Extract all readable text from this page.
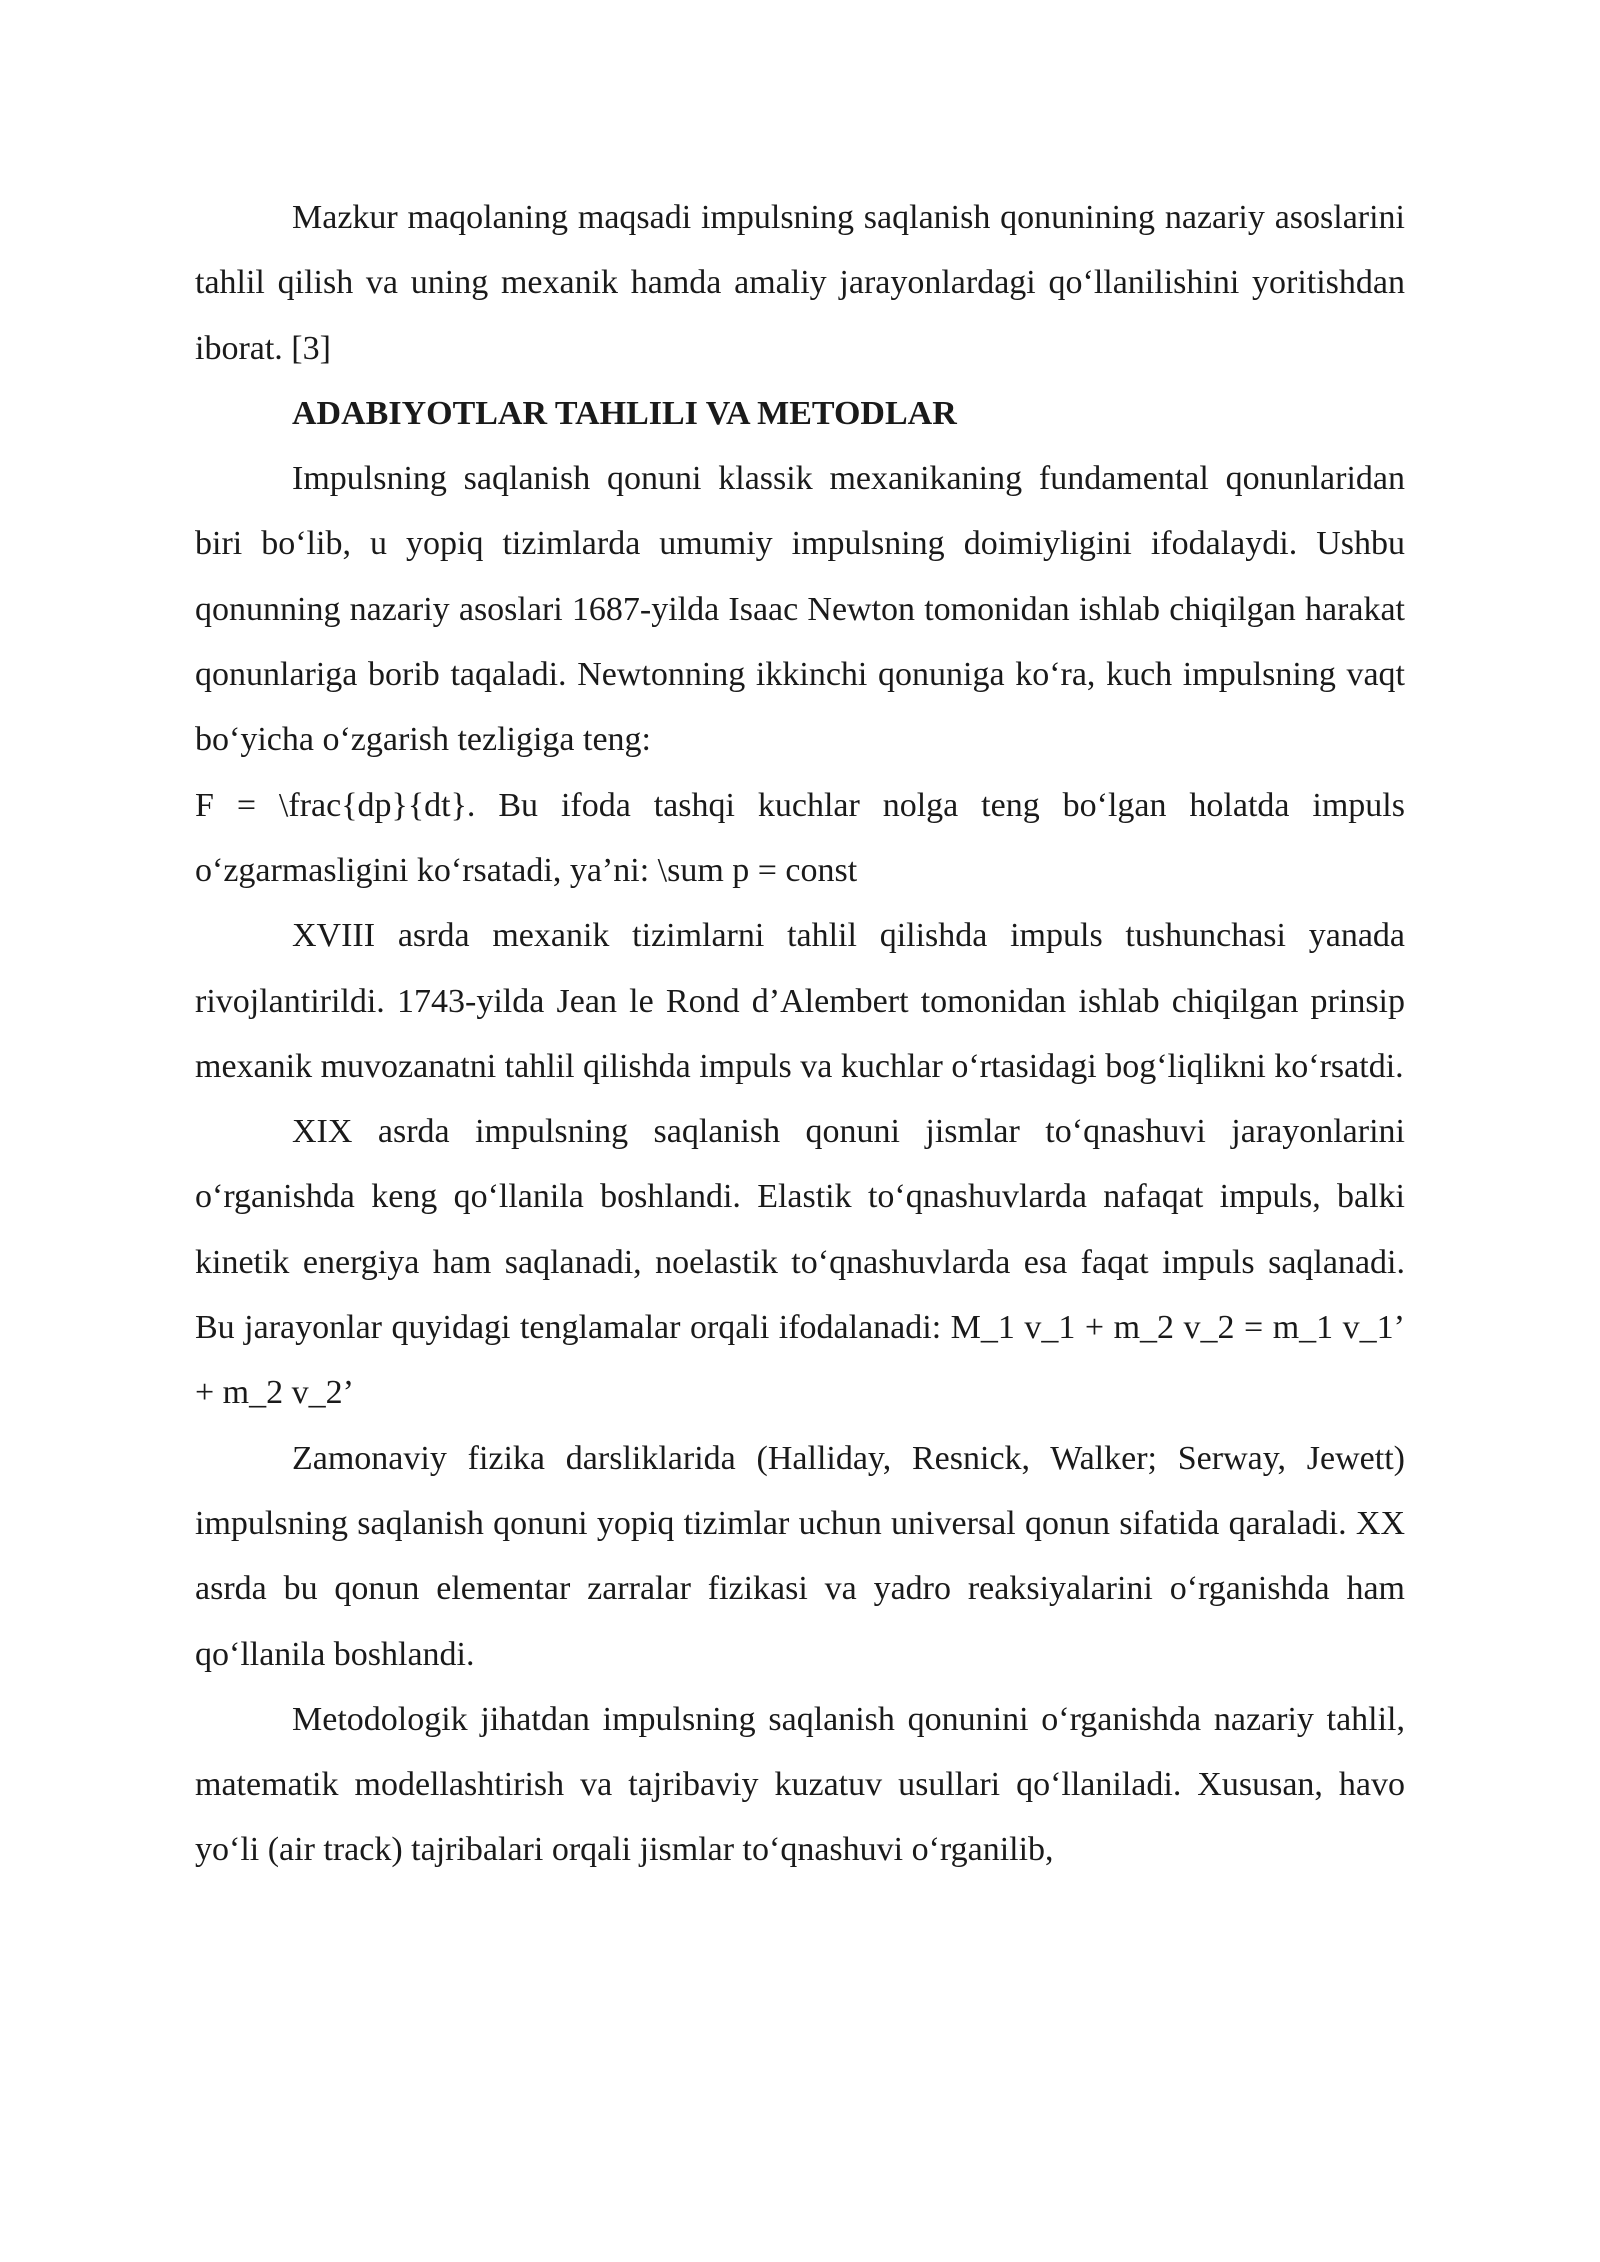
Mazkur maqolaning maqsadi impulsning saqlanish qonunining nazariy asoslarini tahlil qilish va uning mexanik hamda amaliy jarayonlardagi qo‘llanilishini yoritishdan iborat. [3]

ADABIYOTLAR TAHLILI VA METODLAR

Impulsning saqlanish qonuni klassik mexanikaning fundamental qonunlaridan biri bo‘lib, u yopiq tizimlarda umumiy impulsning doimiyligini ifodalaydi. Ushbu qonunning nazariy asoslari 1687-yilda Isaac Newton tomonidan ishlab chiqilgan harakat qonunlariga borib taqaladi. Newtonning ikkinchi qonuniga ko‘ra, kuch impulsning vaqt bo‘yicha o‘zgarish tezligiga teng:

F = \frac{dp}{dt}. Bu ifoda tashqi kuchlar nolga teng bo‘lgan holatda impuls o‘zgarmasligini ko‘rsatadi, ya’ni: \sum p = const

XVIII asrda mexanik tizimlarni tahlil qilishda impuls tushunchasi yanada rivojlantirildi. 1743-yilda Jean le Rond d’Alembert tomonidan ishlab chiqilgan prinsip mexanik muvozanatni tahlil qilishda impuls va kuchlar o‘rtasidagi bog‘liqlikni ko‘rsatdi.

XIX asrda impulsning saqlanish qonuni jismlar to‘qnashuvi jarayonlarini o‘rganishda keng qo‘llanila boshlandi. Elastik to‘qnashuvlarda nafaqat impuls, balki kinetik energiya ham saqlanadi, noelastik to‘qnashuvlarda esa faqat impuls saqlanadi. Bu jarayonlar quyidagi tenglamalar orqali ifodalanadi: M_1 v_1 + m_2 v_2 = m_1 v_1’ + m_2 v_2’

Zamonaviy fizika darsliklarida (Halliday, Resnick, Walker; Serway, Jewett) impulsning saqlanish qonuni yopiq tizimlar uchun universal qonun sifatida qaraladi. XX asrda bu qonun elementar zarralar fizikasi va yadro reaksiyalarini o‘rganishda ham qo‘llanila boshlandi.

Metodologik jihatdan impulsning saqlanish qonunini o‘rganishda nazariy tahlil, matematik modellashtirish va tajribaviy kuzatuv usullari qo‘llaniladi. Xususan, havo yo‘li (air track) tajribalari orqali jismlar to‘qnashuvi o‘rganilib,
